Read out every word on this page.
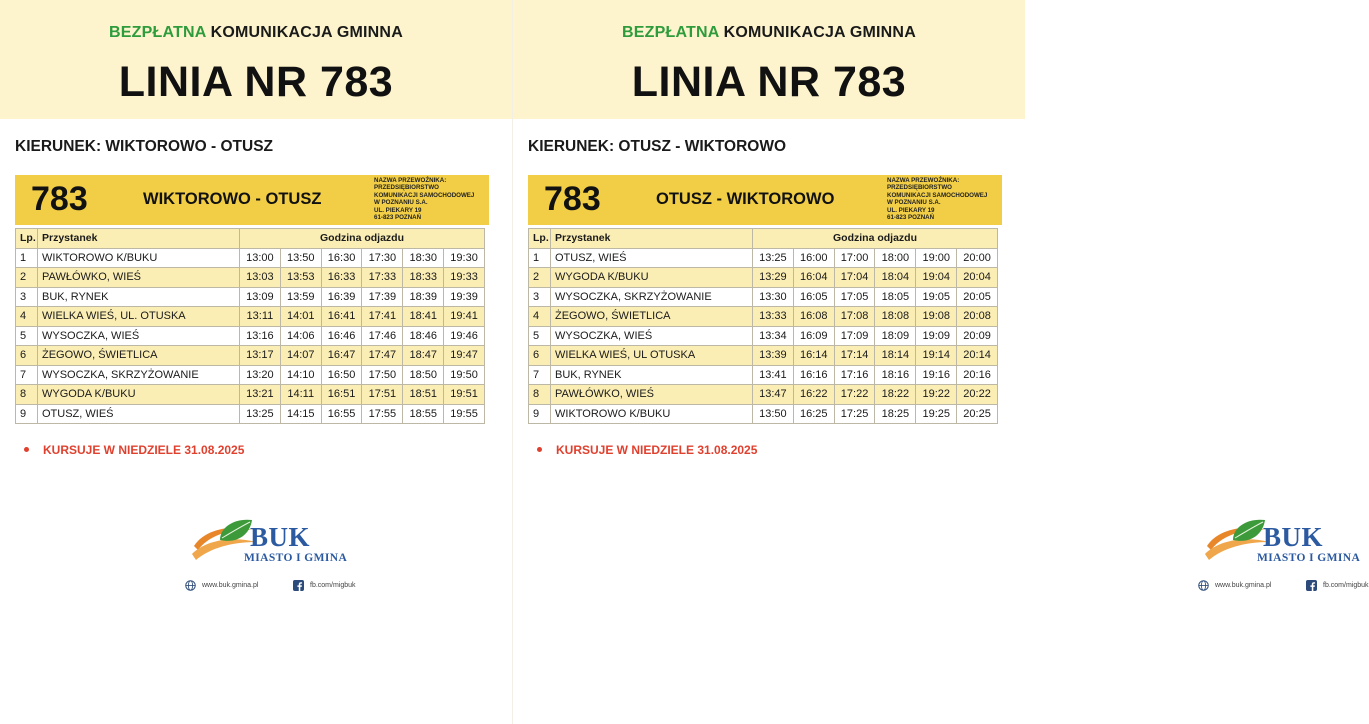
BEZPŁATNA KOMUNIKACJA GMINNA
LINIA NR 783
KIERUNEK: WIKTOROWO - OTUSZ
783	WIKTOROWO - OTUSZ
NAZWA PRZEWOŹNIKA:
PRZEDSIĘBIORSTWO
KOMUNIKACJI SAMOCHODOWEJ
W POZNANIU S.A.
UL. PIEKARY 19
61-823 POZNAŃ
Lp.	Przystanek	Godzina odjazdu					
1	WIKTOROWO K/BUKU	13:00	13:50	16:30	17:30	18:30	19:30
2	PAWŁÓWKO, WIEŚ	13:03	13:53	16:33	17:33	18:33	19:33
3	BUK, RYNEK	13:09	13:59	16:39	17:39	18:39	19:39
4	WIELKA WIEŚ, UL. OTUSKA	13:11	14:01	16:41	17:41	18:41	19:41
5	WYSOCZKA, WIEŚ	13:16	14:06	16:46	17:46	18:46	19:46
6	ŻEGOWO, ŚWIETLICA	13:17	14:07	16:47	17:47	18:47	19:47
7	WYSOCZKA, SKRZYŻOWANIE	13:20	14:10	16:50	17:50	18:50	19:50
8	WYGODA K/BUKU	13:21	14:11	16:51	17:51	18:51	19:51
9	OTUSZ, WIEŚ	13:25	14:15	16:55	17:55	18:55	19:55
KURSUJE W NIEDZIELE 31.08.2025
BUK
MIASTO I GMINA
www.buk.gmina.pl	fb.com/migbuk
BEZPŁATNA KOMUNIKACJA GMINNA
LINIA NR 783
KIERUNEK: OTUSZ - WIKTOROWO
783	OTUSZ - WIKTOROWO
NAZWA PRZEWOŹNIKA:
PRZEDSIĘBIORSTWO
KOMUNIKACJI SAMOCHODOWEJ
W POZNANIU S.A.
UL. PIEKARY 19
61-823 POZNAŃ
Lp.	Przystanek	Godzina odjazdu					
1	OTUSZ, WIEŚ	13:25	16:00	17:00	18:00	19:00	20:00
2	WYGODA K/BUKU	13:29	16:04	17:04	18:04	19:04	20:04
3	WYSOCZKA, SKRZYŻOWANIE	13:30	16:05	17:05	18:05	19:05	20:05
4	ŻEGOWO, ŚWIETLICA	13:33	16:08	17:08	18:08	19:08	20:08
5	WYSOCZKA, WIEŚ	13:34	16:09	17:09	18:09	19:09	20:09
6	WIELKA WIEŚ, UL OTUSKA	13:39	16:14	17:14	18:14	19:14	20:14
7	BUK, RYNEK	13:41	16:16	17:16	18:16	19:16	20:16
8	PAWŁÓWKO, WIEŚ	13:47	16:22	17:22	18:22	19:22	20:22
9	WIKTOROWO K/BUKU	13:50	16:25	17:25	18:25	19:25	20:25
KURSUJE W NIEDZIELE 31.08.2025
BUK
MIASTO I GMINA
www.buk.gmina.pl	fb.com/migbuk
